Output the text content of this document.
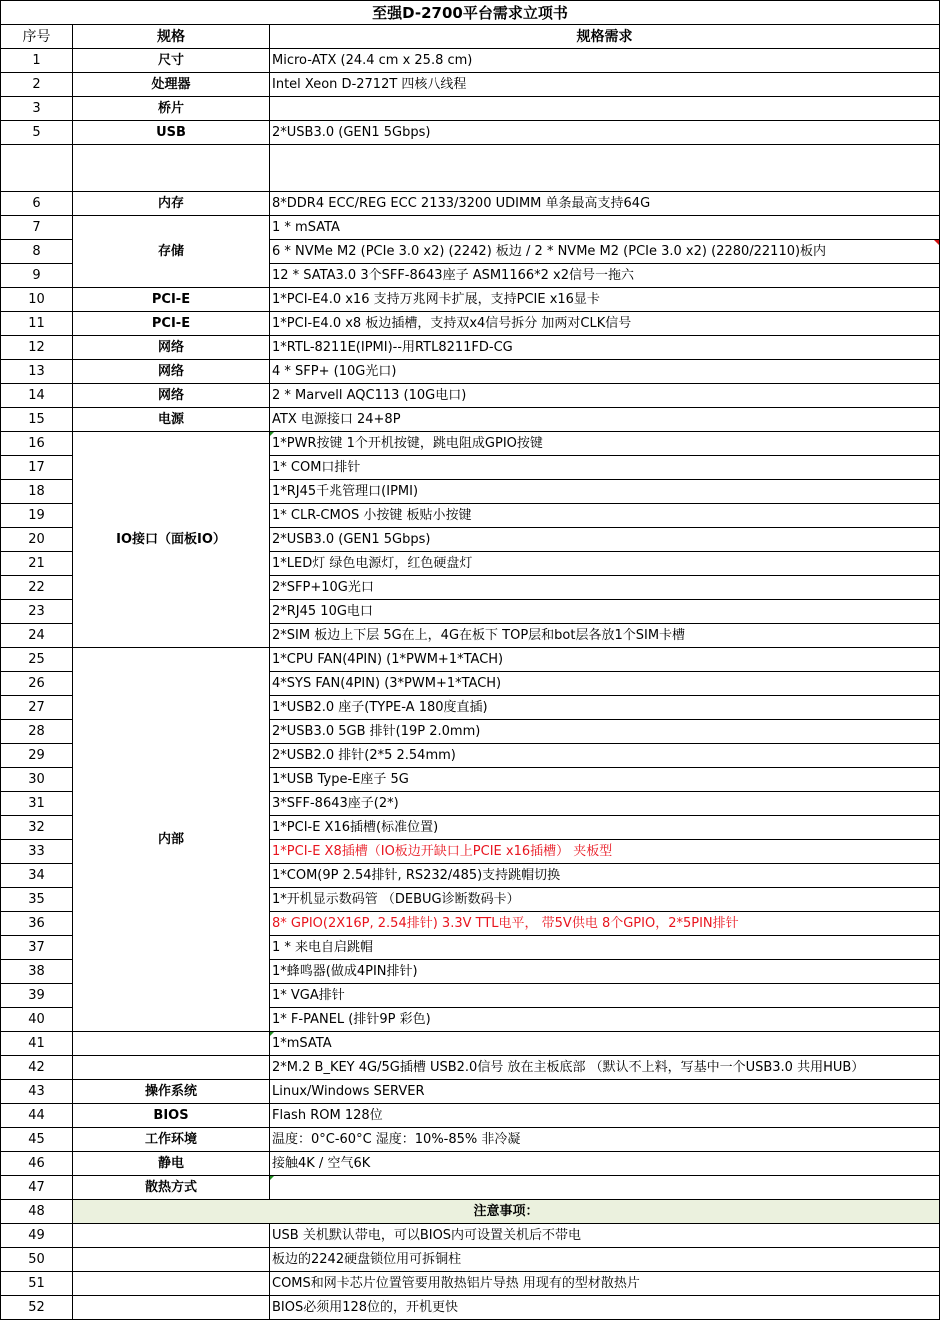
至强D-2700平台需求立项书		
序号	规格	规格需求
1	尺寸	Micro-ATX (24.4 cm x 25.8 cm)
2	处理器	Intel Xeon D-2712T 四核八线程
3	桥片	
5	USB	2*USB3.0 (GEN1 5Gbps)

6	内存	8*DDR4 ECC/REG ECC 2133/3200 UDIMM 单条最高支持64G
7	存储	1 * mSATA
8		6 * NVMe M2 (PCIe 3.0 x2) (2242) 板边 / 2 * NVMe M2 (PCIe 3.0 x2) (2280/22110)板内
9		12 * SATA3.0 3个SFF-8643座子 ASM1166*2 x2信号一拖六
10	PCI-E	1*PCI-E4.0 x16 支持万兆网卡扩展，支持PCIE x16显卡
11	PCI-E	1*PCI-E4.0 x8 板边插槽，支持双x4信号拆分 加两对CLK信号
12	网络	1*RTL-8211E(IPMI)--用RTL8211FD-CG
13	网络	4 * SFP+ (10G光口)
14	网络	2 * Marvell AQC113 (10G电口)
15	电源	ATX 电源接口 24+8P
16	IO接口（面板IO）	1*PWR按键 1个开机按键，跳电阻成GPIO按键
17		1* COM口排针
18		1*RJ45千兆管理口(IPMI)
19		1* CLR-CMOS 小按键 板贴小按键
20		2*USB3.0 (GEN1 5Gbps)
21		1*LED灯 绿色电源灯，红色硬盘灯
22		2*SFP+10G光口
23		2*RJ45 10G电口
24		2*SIM 板边上下层 5G在上，4G在板下 TOP层和bot层各放1个SIM卡槽
25	内部	1*CPU FAN(4PIN) (1*PWM+1*TACH)
26		4*SYS FAN(4PIN) (3*PWM+1*TACH)
27		1*USB2.0 座子(TYPE-A 180度直插)
28		2*USB3.0 5GB 排针(19P 2.0mm)
29		2*USB2.0 排针(2*5 2.54mm)
30		1*USB Type-E座子 5G
31		3*SFF-8643座子(2*)
32		1*PCI-E X16插槽(标准位置)
33		1*PCI-E X8插槽（IO板边开缺口上PCIE x16插槽） 夹板型
34		1*COM(9P 2.54排针, RS232/485)支持跳帽切换
35		1*开机显示数码管 （DEBUG诊断数码卡）
36		8* GPIO(2X16P, 2.54排针) 3.3V TTL电平， 带5V供电 8个GPIO，2*5PIN排针
37		1 * 来电自启跳帽
38		1*蜂鸣器(做成4PIN排针)
39		1* VGA排针
40		1* F-PANEL (排针9P 彩色)
41		1*mSATA
42		2*M.2 B_KEY 4G/5G插槽 USB2.0信号 放在主板底部 （默认不上料，写基中一个USB3.0 共用HUB）
43	操作系统	Linux/Windows SERVER
44	BIOS	Flash ROM 128位
45	工作环境	温度：0°C-60°C 湿度：10%-85% 非冷凝
46	静电	接触4K / 空气6K
47	散热方式	
48	注意事项：	
49		USB 关机默认带电，可以BIOS内可设置关机后不带电
50		板边的2242硬盘锁位用可拆铜柱
51		COMS和网卡芯片位置管要用散热铝片导热 用现有的型材散热片
52		BIOS必须用128位的，开机更快
